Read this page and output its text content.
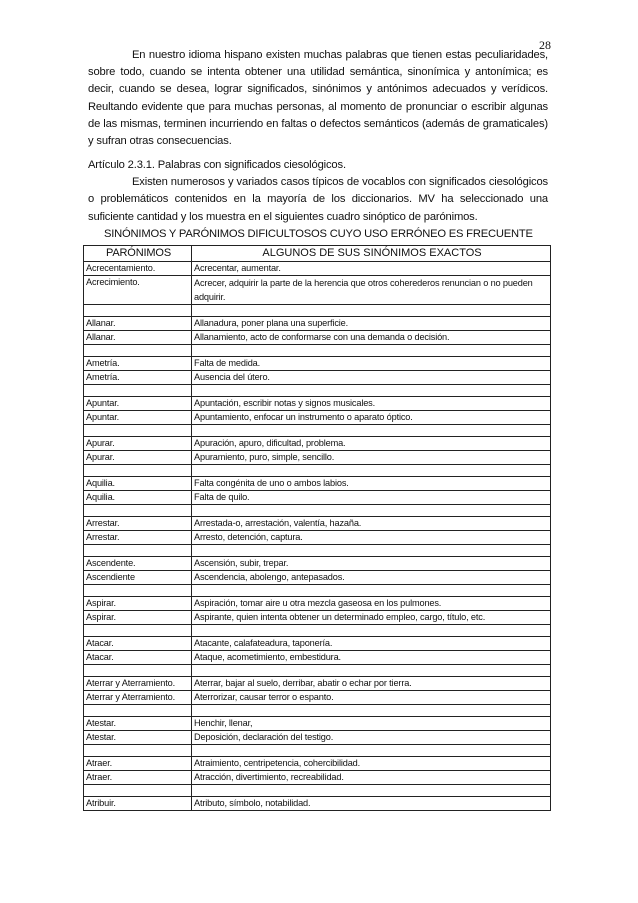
28
En nuestro idioma hispano existen muchas palabras que tienen estas peculiaridades, sobre todo, cuando se intenta obtener una utilidad semántica, sinonímica y antonímica; es decir, cuando se desea, lograr significados, sinónimos y antónimos adecuados y verídicos. Reultando evidente que para muchas personas, al momento de pronunciar o escribir algunas de las mismas, terminen incurriendo en faltas o defectos semánticos (además de gramaticales) y sufran otras consecuencias.
Artículo 2.3.1. Palabras con significados ciesológicos.
Existen numerosos y variados casos típicos de vocablos con significados ciesológicos o problemáticos contenidos en la mayoría de los diccionarios. MV ha seleccionado una suficiente cantidad y los muestra en el siguientes cuadro sinóptico de parónimos.
SINÓNIMOS Y PARÓNIMOS DIFICULTOSOS CUYO USO ERRÓNEO ES FRECUENTE
PARÓNIMOS	ALGUNOS DE SUS SINÓNIMOS EXACTOS
Acrecentamiento.	Acrecentar, aumentar.
Acrecimiento.	Acrecer, adquirir la parte de la herencia que otros coherederos renuncian o no pueden adquirir.

Allanar.	Allanadura, poner plana una superficie.
Allanar.	Allanamiento, acto de conformarse con una demanda o decisión.

Ametría.	Falta de medida.
Ametría.	Ausencia del útero.

Apuntar.	Apuntación, escribir notas y signos musicales.
Apuntar.	Apuntamiento, enfocar un instrumento o aparato óptico.

Apurar.	Apuración, apuro, dificultad, problema.
Apurar.	Apuramiento, puro, simple, sencillo.

Aquilia.	Falta congénita de uno o ambos labios.
Aquilia.	Falta de quilo.

Arrestar.	Arrestada-o, arrestación, valentía, hazaña.
Arrestar.	Arresto, detención, captura.

Ascendente.	Ascensión, subir, trepar.
Ascendiente	Ascendencia, abolengo, antepasados.

Aspirar.	Aspiración, tomar aire u otra mezcla gaseosa en los pulmones.
Aspirar.	Aspirante, quien intenta obtener un determinado empleo, cargo, título, etc.

Atacar.	Atacante, calafateadura, taponería.
Atacar.	Ataque, acometimiento, embestidura.

Aterrar y Aterramiento.	Aterrar, bajar al suelo, derribar, abatir o echar por tierra.
Aterrar y Aterramiento.	Aterrorizar, causar terror o espanto.

Atestar.	Henchir, llenar,
Atestar.	Deposición, declaración del testigo.

Atraer.	Atraimiento, centripetencia, cohercibilidad.
Atraer.	Atracción, divertimiento, recreabilidad.

Atribuir.	Atributo, símbolo, notabilidad.
